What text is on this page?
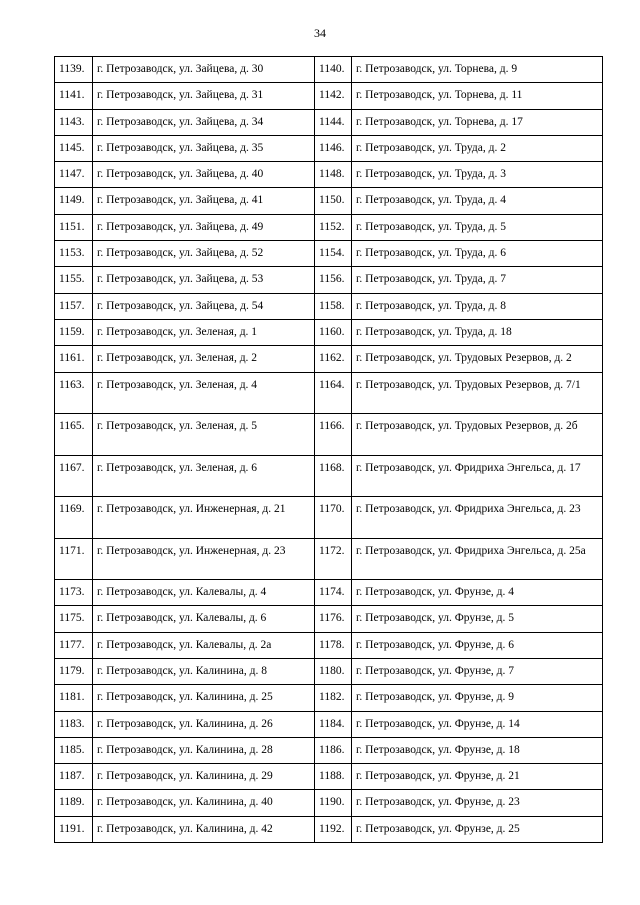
34
1139.	г. Петрозаводск, ул. Зайцева, д. 30	1140.	г. Петрозаводск, ул. Торнева, д. 9
1141.	г. Петрозаводск, ул. Зайцева, д. 31	1142.	г. Петрозаводск, ул. Торнева, д. 11
1143.	г. Петрозаводск, ул. Зайцева, д. 34	1144.	г. Петрозаводск, ул. Торнева, д. 17
1145.	г. Петрозаводск, ул. Зайцева, д. 35	1146.	г. Петрозаводск, ул. Труда, д. 2
1147.	г. Петрозаводск, ул. Зайцева, д. 40	1148.	г. Петрозаводск, ул. Труда, д. 3
1149.	г. Петрозаводск, ул. Зайцева, д. 41	1150.	г. Петрозаводск, ул. Труда, д. 4
1151.	г. Петрозаводск, ул. Зайцева, д. 49	1152.	г. Петрозаводск, ул. Труда, д. 5
1153.	г. Петрозаводск, ул. Зайцева, д. 52	1154.	г. Петрозаводск, ул. Труда, д. 6
1155.	г. Петрозаводск, ул. Зайцева, д. 53	1156.	г. Петрозаводск, ул. Труда, д. 7
1157.	г. Петрозаводск, ул. Зайцева, д. 54	1158.	г. Петрозаводск, ул. Труда, д. 8
1159.	г. Петрозаводск, ул. Зеленая, д. 1	1160.	г. Петрозаводск, ул. Труда, д. 18
1161.	г. Петрозаводск, ул. Зеленая, д. 2	1162.	г. Петрозаводск, ул. Трудовых Резервов, д. 2
1163.	г. Петрозаводск, ул. Зеленая, д. 4	1164.	г. Петрозаводск, ул. Трудовых Резервов, д. 7/1
1165.	г. Петрозаводск, ул. Зеленая, д. 5	1166.	г. Петрозаводск, ул. Трудовых Резервов, д. 2б
1167.	г. Петрозаводск, ул. Зеленая, д. 6	1168.	г. Петрозаводск, ул. Фридриха Энгельса, д. 17
1169.	г. Петрозаводск, ул. Инженерная, д. 21	1170.	г. Петрозаводск, ул. Фридриха Энгельса, д. 23
1171.	г. Петрозаводск, ул. Инженерная, д. 23	1172.	г. Петрозаводск, ул. Фридриха Энгельса, д. 25а
1173.	г. Петрозаводск, ул. Калевалы, д. 4	1174.	г. Петрозаводск, ул. Фрунзе, д. 4
1175.	г. Петрозаводск, ул. Калевалы, д. 6	1176.	г. Петрозаводск, ул. Фрунзе, д. 5
1177.	г. Петрозаводск, ул. Калевалы, д. 2а	1178.	г. Петрозаводск, ул. Фрунзе, д. 6
1179.	г. Петрозаводск, ул. Калинина, д. 8	1180.	г. Петрозаводск, ул. Фрунзе, д. 7
1181.	г. Петрозаводск, ул. Калинина, д. 25	1182.	г. Петрозаводск, ул. Фрунзе, д. 9
1183.	г. Петрозаводск, ул. Калинина, д. 26	1184.	г. Петрозаводск, ул. Фрунзе, д. 14
1185.	г. Петрозаводск, ул. Калинина, д. 28	1186.	г. Петрозаводск, ул. Фрунзе, д. 18
1187.	г. Петрозаводск, ул. Калинина, д. 29	1188.	г. Петрозаводск, ул. Фрунзе, д. 21
1189.	г. Петрозаводск, ул. Калинина, д. 40	1190.	г. Петрозаводск, ул. Фрунзе, д. 23
1191.	г. Петрозаводск, ул. Калинина, д. 42	1192.	г. Петрозаводск, ул. Фрунзе, д. 25
